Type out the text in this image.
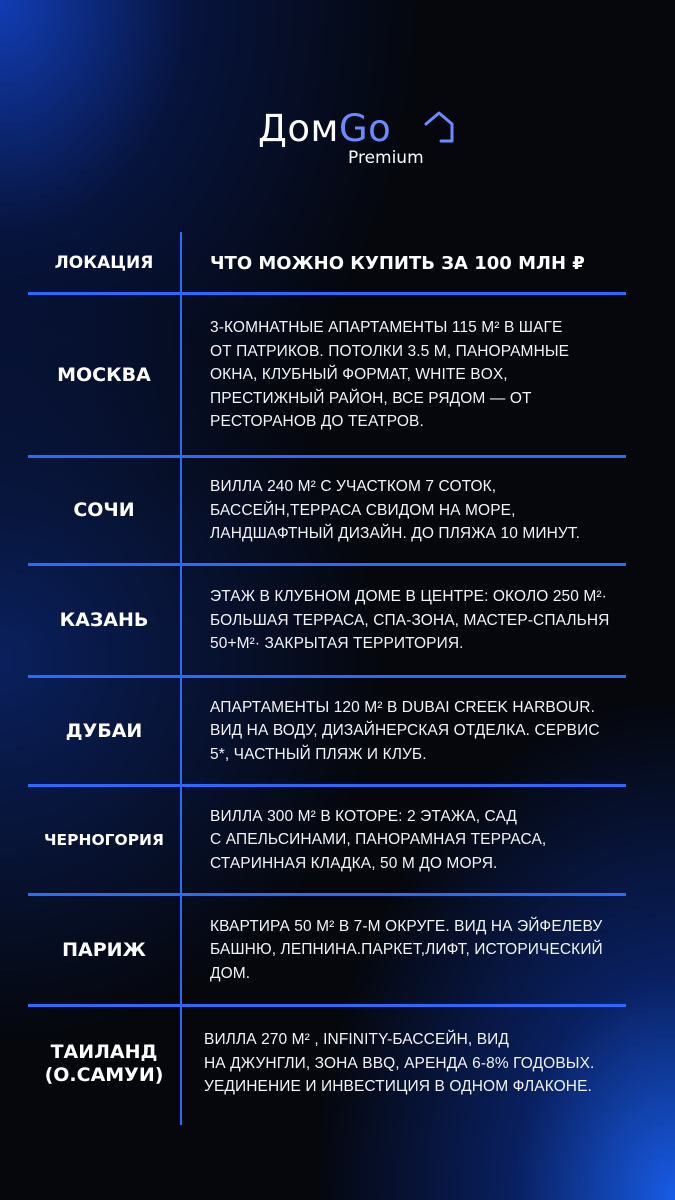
ДомGo
Premium
ЛОКАЦИЯ	ЧТО МОЖНО КУПИТЬ ЗА 100 МЛН ₽
МОСКВА
3-КОМНАТНЫЕ АПАРТАМЕНТЫ 115 М² В ШАГЕ
ОТ ПАТРИКОВ. ПОТОЛКИ 3.5 М, ПАНОРАМНЫЕ
ОКНА, КЛУБНЫЙ ФОРМАТ, WHITE BOX,
ПРЕСТИЖНЫЙ РАЙОН, ВСЕ РЯДОМ — ОТ
РЕСТОРАНОВ ДО ТЕАТРОВ.
СОЧИ
ВИЛЛА 240 М² С УЧАСТКОМ 7 СОТОК,
БАССЕЙН,ТЕРРАСА СВИДОМ НА МОРЕ,
ЛАНДШАФТНЫЙ ДИЗАЙН. ДО ПЛЯЖА 10 МИНУТ.
КАЗАНЬ
ЭТАЖ В КЛУБНОМ ДОМЕ В ЦЕНТРЕ: ОКОЛО 250 М²·
БОЛЬШАЯ ТЕРРАСА, СПА-ЗОНА, МАСТЕР-СПАЛЬНЯ
50+М²· ЗАКРЫТАЯ ТЕРРИТОРИЯ.
ДУБАИ
АПАРТАМЕНТЫ 120 М² В DUBAI CREEK HARBOUR.
ВИД НА ВОДУ, ДИЗАЙНЕРСКАЯ ОТДЕЛКА. СЕРВИС
5*, ЧАСТНЫЙ ПЛЯЖ И КЛУБ.
ЧЕРНОГОРИЯ
ВИЛЛА 300 М² В КОТОРЕ: 2 ЭТАЖА, САД
С АПЕЛЬСИНАМИ, ПАНОРАМНАЯ ТЕРРАСА,
СТАРИННАЯ КЛАДКА, 50 М ДО МОРЯ.
ПАРИЖ
КВАРТИРА 50 М² В 7-М ОКРУГЕ. ВИД НА ЭЙФЕЛЕВУ
БАШНЮ, ЛЕПНИНА.ПАРКЕТ,ЛИФТ, ИСТОРИЧЕСКИЙ
ДОМ.
ТАИЛАНД
(О.САМУИ)
ВИЛЛА 270 М² , INFINITY-БАССЕЙН, ВИД
НА ДЖУНГЛИ, ЗОНА BBQ, АРЕНДА 6-8% ГОДОВЫХ.
УЕДИНЕНИЕ И ИНВЕСТИЦИЯ В ОДНОМ ФЛАКОНЕ.
